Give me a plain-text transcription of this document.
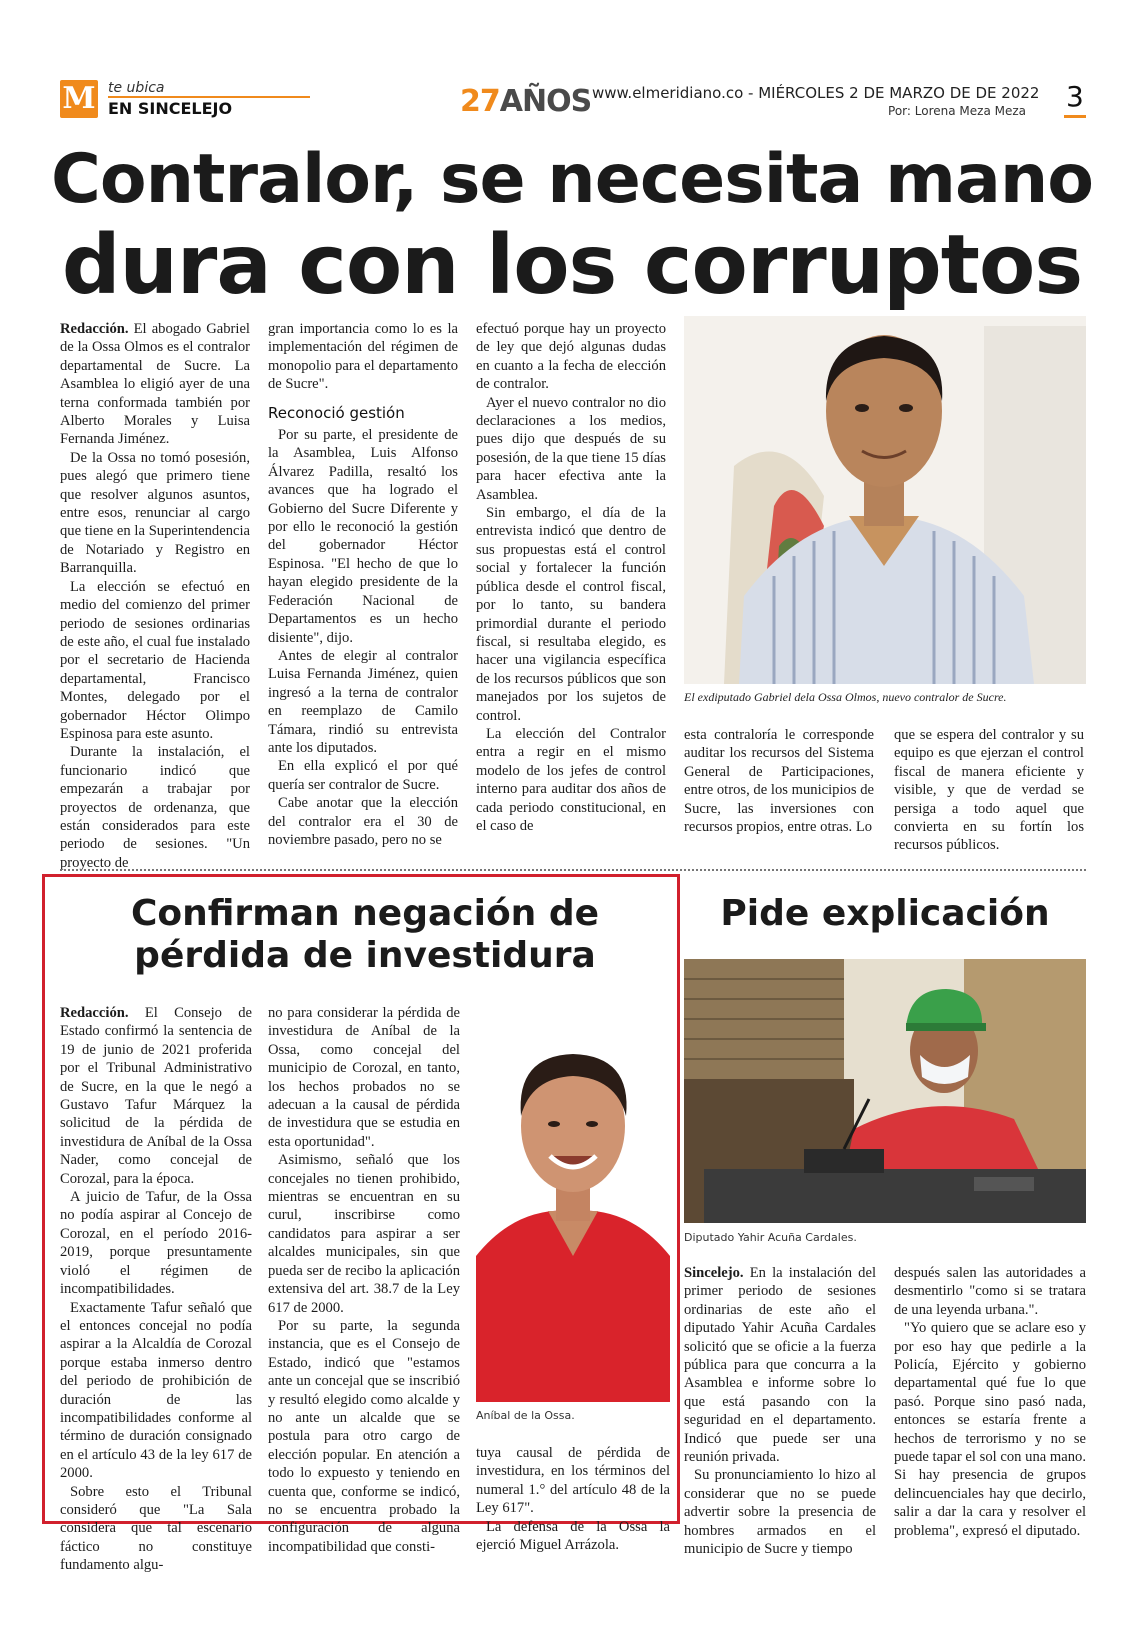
M te ubica
EN SINCELEJO	27AÑOS www.elmeridiano.co - MIÉRCOLES 2 DE MARZO DE DE 2022
Por: Lorena Meza Meza 3
Contralor, se necesita mano
dura con los corruptos

Redacción. El abogado Gabriel de la Ossa Olmos es el contralor departamental de Sucre. La Asamblea lo eligió ayer de una terna conformada también por Alberto Morales y Luisa Fernanda Jiménez.

De la Ossa no tomó posesión, pues alegó que primero tiene que resolver algunos asuntos, entre esos, renunciar al cargo que tiene en la Superintendencia de Notariado y Registro en Barranquilla.

La elección se efectuó en medio del comienzo del primer periodo de sesiones ordinarias de este año, el cual fue instalado por el secretario de Hacienda departamental, Francisco Montes, delegado por el gobernador Héctor Olimpo Espinosa para este asunto.

Durante la instalación, el funcionario indicó que empezarán a trabajar por proyectos de ordenanza, que están considerados para este periodo de sesiones. "Un proyecto de

gran importancia como lo es la implementación del régimen de monopolio para el departamento de Sucre".

Reconoció gestión

Por su parte, el presidente de la Asamblea, Luis Alfonso Álvarez Padilla, resaltó los avances que ha logrado el Gobierno del Sucre Diferente y por ello le reconoció la gestión del gobernador Héctor Espinosa. "El hecho de que lo hayan elegido presidente de la Federación Nacional de Departamentos es un hecho disiente", dijo.

Antes de elegir al contralor Luisa Fernanda Jiménez, quien ingresó a la terna de contralor en reemplazo de Camilo Támara, rindió su entrevista ante los diputados.

En ella explicó el por qué quería ser contralor de Sucre.

Cabe anotar que la elección del contralor era el 30 de noviembre pasado, pero no se

efectuó porque hay un proyecto de ley que dejó algunas dudas en cuanto a la fecha de elección de contralor.

Ayer el nuevo contralor no dio declaraciones a los medios, pues dijo que después de su posesión, de la que tiene 15 días para hacer efectiva ante la Asamblea.

Sin embargo, el día de la entrevista indicó que dentro de sus propuestas está el control social y fortalecer la función pública desde el control fiscal, por lo tanto, su bandera primordial durante el periodo fiscal, si resultaba elegido, es hacer una vigilancia específica de los recursos públicos que son manejados por los sujetos de control.

La elección del Contralor entra a regir en el mismo modelo de los jefes de control interno para auditar dos años de cada periodo constitucional, en el caso de

El exdiputado Gabriel dela Ossa Olmos, nuevo contralor de Sucre.

esta contraloría le corresponde auditar los recursos del Sistema General de Participaciones, entre otros, de los municipios de Sucre, las inversiones con recursos propios, entre otras. Lo

que se espera del contralor y su equipo es que ejerzan el control fiscal de manera eficiente y visible, y que de verdad se persiga a todo aquel que convierta en su fortín los recursos públicos.

Confirman negación de
pérdida de investidura

Redacción. El Consejo de Estado confirmó la sentencia de 19 de junio de 2021 proferida por el Tribunal Administrativo de Sucre, en la que le negó a Gustavo Tafur Márquez la solicitud de la pérdida de investidura de Aníbal de la Ossa Nader, como concejal de Corozal, para la época.

A juicio de Tafur, de la Ossa no podía aspirar al Concejo de Corozal, en el período 2016-2019, porque presuntamente violó el régimen de incompatibilidades.

Exactamente Tafur señaló que el entonces concejal no podía aspirar a la Alcaldía de Corozal porque estaba inmerso dentro del periodo de prohibición de duración de las incompatibilidades conforme al término de duración consignado en el artículo 43 de la ley 617 de 2000.

Sobre esto el Tribunal consideró que "La Sala considera que tal escenario fáctico no constituye fundamento algu-

no para considerar la pérdida de investidura de Aníbal de la Ossa, como concejal del municipio de Corozal, en tanto, los hechos probados no se adecuan a la causal de pérdida de investidura que se estudia en esta oportunidad".

Asimismo, señaló que los concejales no tienen prohibido, mientras se encuentran en su curul, inscribirse como candidatos para aspirar a ser alcaldes municipales, sin que pueda ser de recibo la aplicación extensiva del art. 38.7 de la Ley 617 de 2000.

Por su parte, la segunda instancia, que es el Consejo de Estado, indicó que "estamos ante un concejal que se inscribió y resultó elegido como alcalde y no ante un alcalde que se postula para otro cargo de elección popular. En atención a todo lo expuesto y teniendo en cuenta que, conforme se indicó, no se encuentra probado la configuración de alguna incompatibilidad que consti-

Aníbal de la Ossa.

tuya causal de pérdida de investidura, en los términos del numeral 1.° del artículo 48 de la Ley 617".

La defensa de la Ossa la ejerció Miguel Arrázola.

Pide explicación
Diputado Yahir Acuña Cardales.

Sincelejo. En la instalación del primer periodo de sesiones ordinarias de este año el diputado Yahir Acuña Cardales solicitó que se oficie a la fuerza pública para que concurra a la Asamblea e informe sobre lo que está pasando con la seguridad en el departamento. Indicó que puede ser una reunión privada.

Su pronunciamiento lo hizo al considerar que no se puede advertir sobre la presencia de hombres armados en el municipio de Sucre y tiempo

después salen las autoridades a desmentirlo "como si se tratara de una leyenda urbana.".

"Yo quiero que se aclare eso y por eso hay que pedirle a la Policía, Ejército y gobierno departamental qué fue lo que pasó. Porque sino pasó nada, entonces se estaría frente a hechos de terrorismo y no se puede tapar el sol con una mano. Si hay presencia de grupos delincuenciales hay que decirlo, salir a dar la cara y resolver el problema", expresó el diputado.
